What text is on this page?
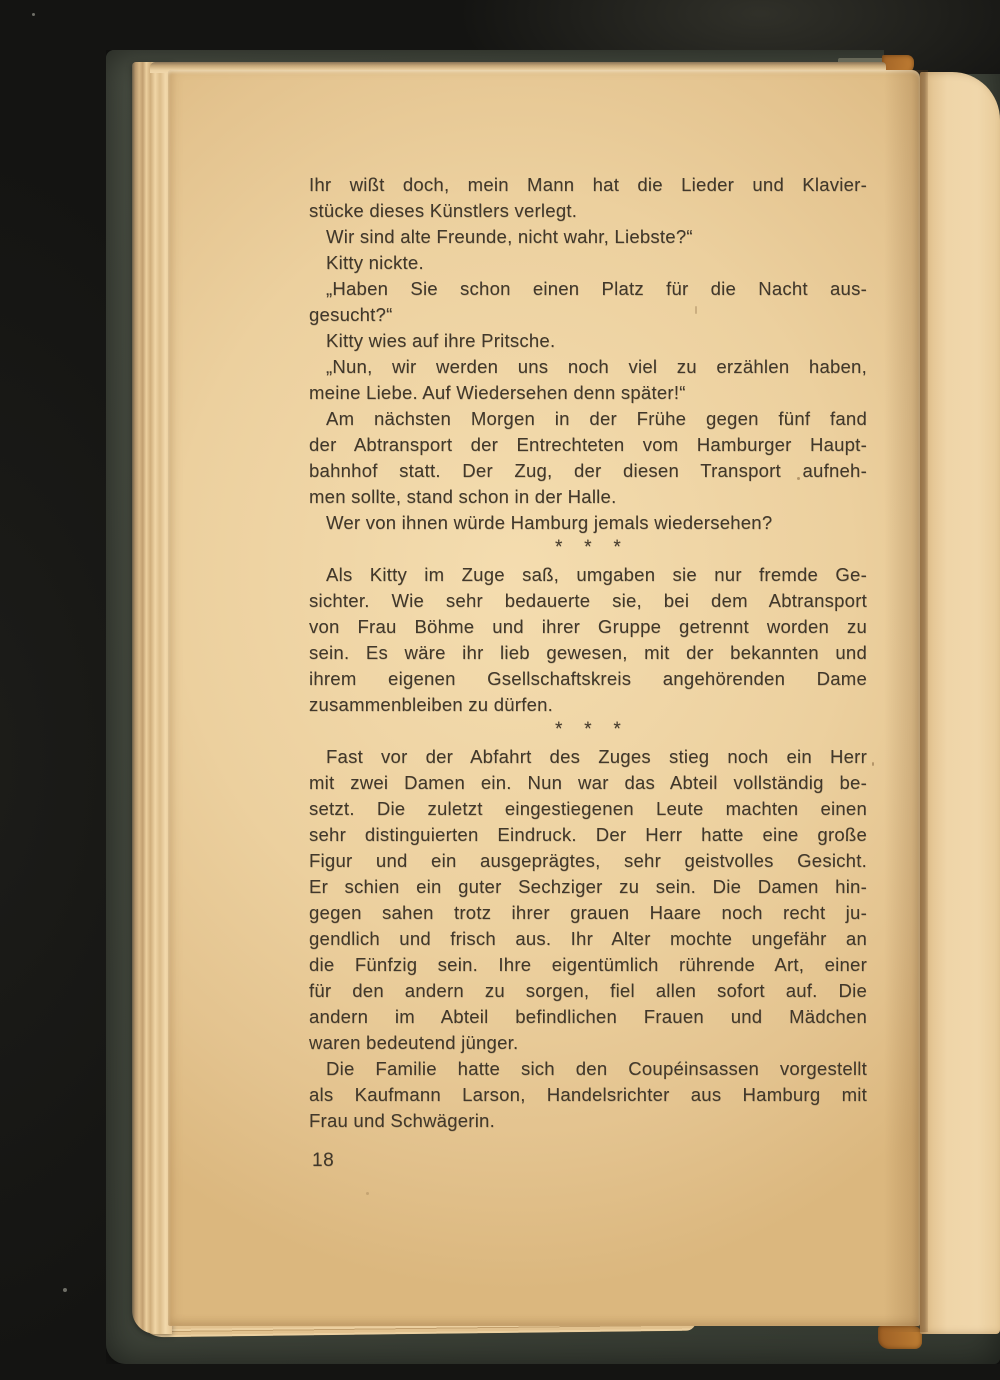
Ihr wißt doch, mein Mann hat die Lieder und Klavier-
stücke dieses Künstlers verlegt.
Wir sind alte Freunde, nicht wahr, Liebste?“
Kitty nickte.
„Haben Sie schon einen Platz für die Nacht aus-
gesucht?“
Kitty wies auf ihre Pritsche.
„Nun, wir werden uns noch viel zu erzählen haben,
meine Liebe. Auf Wiedersehen denn später!“
Am nächsten Morgen in der Frühe gegen fünf fand
der Abtransport der Entrechteten vom Hamburger Haupt-
bahnhof statt. Der Zug, der diesen Transport aufneh-
men sollte, stand schon in der Halle.
Wer von ihnen würde Hamburg jemals wiedersehen?
* * *
Als Kitty im Zuge saß, umgaben sie nur fremde Ge-
sichter. Wie sehr bedauerte sie, bei dem Abtransport
von Frau Böhme und ihrer Gruppe getrennt worden zu
sein. Es wäre ihr lieb gewesen, mit der bekannten und
ihrem eigenen Gsellschaftskreis angehörenden Dame
zusammenbleiben zu dürfen.
* * *
Fast vor der Abfahrt des Zuges stieg noch ein Herr
mit zwei Damen ein. Nun war das Abteil vollständig be-
setzt. Die zuletzt eingestiegenen Leute machten einen
sehr distinguierten Eindruck. Der Herr hatte eine große
Figur und ein ausgeprägtes, sehr geistvolles Gesicht.
Er schien ein guter Sechziger zu sein. Die Damen hin-
gegen sahen trotz ihrer grauen Haare noch recht ju-
gendlich und frisch aus. Ihr Alter mochte ungefähr an
die Fünfzig sein. Ihre eigentümlich rührende Art, einer
für den andern zu sorgen, fiel allen sofort auf. Die
andern im Abteil befindlichen Frauen und Mädchen
waren bedeutend jünger.
Die Familie hatte sich den Coupéinsassen vorgestellt
als Kaufmann Larson, Handelsrichter aus Hamburg mit
Frau und Schwägerin.
18
